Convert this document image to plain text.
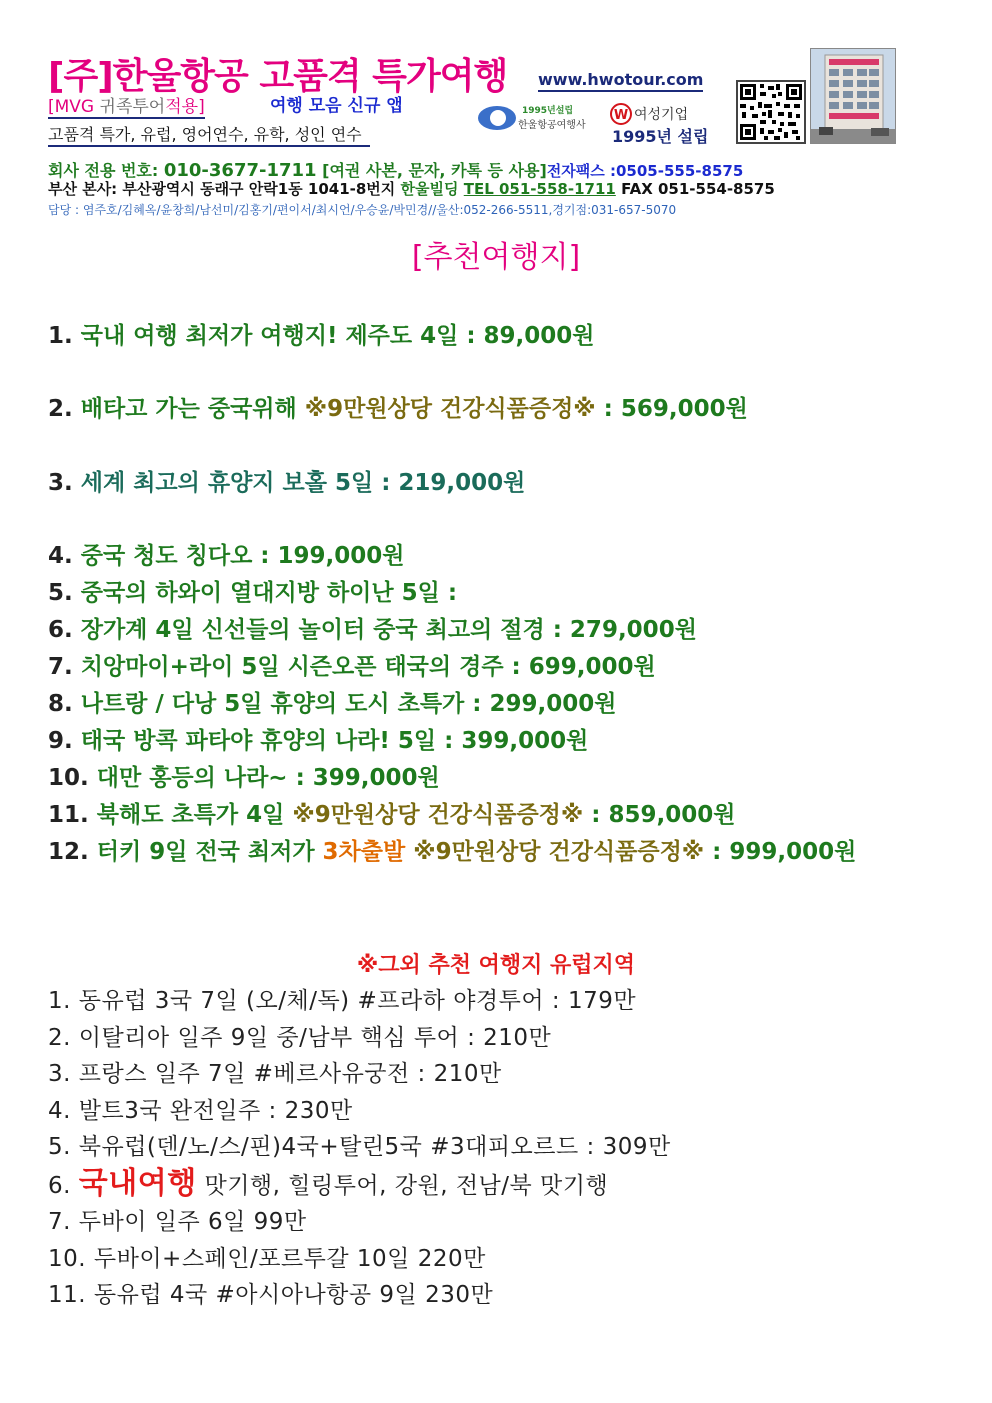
[주]한울항공 고품격 특가여행 www.hwotour.com
[MVG 귀족투어적용]	여행 모음 신규 앱
고품격 특가, 유럽, 영어연수, 유학, 성인 연수
1995년설립
한울항공여행사
W 여성기업
1995년 설립
회사 전용 번호: 010-3677-1711 [여권 사본, 문자, 카톡 등 사용]전자팩스 :0505-555-8575
부산 본사: 부산광역시 동래구 안락1동 1041-8번지 한울빌딩 TEL 051-558-1711 FAX 051-554-8575
담당 : 염주호/김혜옥/윤창희/남선미/김홍기/편이서/최시언/우승윤/박민경//울산:052-266-5511,경기점:031-657-5070
[추천여행지]
1. 국내 여행 최저가 여행지! 제주도 4일 : 89,000원
2. 배타고 가는 중국위해 ※9만원상당 건강식품증정※ : 569,000원
3. 세계 최고의 휴양지 보홀 5일 : 219,000원
4. 중국 청도 칭다오 : 199,000원
5. 중국의 하와이 열대지방 하이난 5일 :
6. 장가계 4일 신선들의 놀이터 중국 최고의 절경 : 279,000원
7. 치앙마이+라이 5일 시즌오픈 태국의 경주 : 699,000원
8. 나트랑 / 다낭 5일 휴양의 도시 초특가 : 299,000원
9. 태국 방콕 파타야 휴양의 나라! 5일 : 399,000원
10. 대만 홍등의 나라~ : 399,000원
11. 북해도 초특가 4일 ※9만원상당 건강식품증정※ : 859,000원
12. 터키 9일 전국 최저가 3차출발 ※9만원상당 건강식품증정※ : 999,000원
※그외 추천 여행지 유럽지역
1. 동유럽 3국 7일 (오/체/독) #프라하 야경투어 : 179만
2. 이탈리아 일주 9일 중/남부 핵심 투어 : 210만
3. 프랑스 일주 7일 #베르사유궁전 : 210만
4. 발트3국 완전일주 : 230만
5. 북유럽(덴/노/스/핀)4국+탈린5국 #3대피오르드 : 309만
6. 국내여행 맛기행, 힐링투어, 강원, 전남/북 맛기행
7. 두바이 일주 6일 99만
10. 두바이+스페인/포르투갈 10일 220만
11. 동유럽 4국 #아시아나항공 9일 230만
